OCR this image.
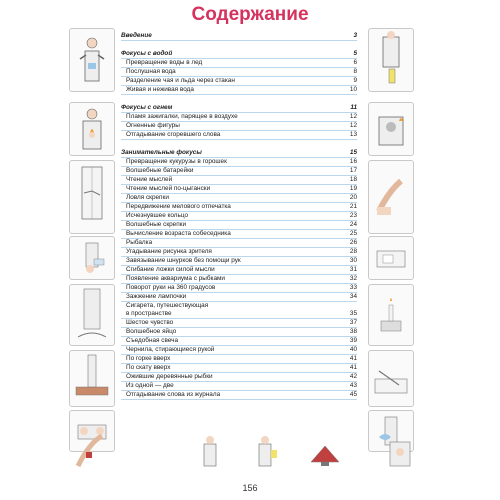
Содержание
Введение	3
Фокусы с водой	5
Превращение воды в лед	6
Послушная вода	8
Разделение чая и льда через стакан	9
Живая и неживая вода	10
Фокусы с огнем	11
Пламя зажигалки, парящее в воздухе	12
Огненные фигуры	12
Отгадывание сгоревшего слова	13
Занимательные фокусы	15
Превращение кукурузы в горошек	16
Волшебные батарейки	17
Чтение мыслей	18
Чтение мыслей по-цыгански	19
Ловля скрепки	20
Передвижение мелового отпечатка	21
Исчезнувшее кольцо	23
Волшебные скрепки	24
Вычисление возраста собеседника	25
Рыбалка	26
Угадывание рисунка зрителя	28
Завязывание шнурков без помощи рук	30
Сгибание ложки силой мысли	31
Появление аквариума с рыбками	32
Поворот руки на 360 градусов	33
Зажжение лампочки	34
Сигарета, путешествующая
в пространстве	35
Шестое чувство	37
Волшебное яйцо	38
Съедобная свеча	39
Чернила, стирающиеся рукой	40
По горке вверх	41
По скату вверх	41
Ожившие деревянные рыбки	42
Из одной — две	43
Отгадывание слова из журнала	45
156
